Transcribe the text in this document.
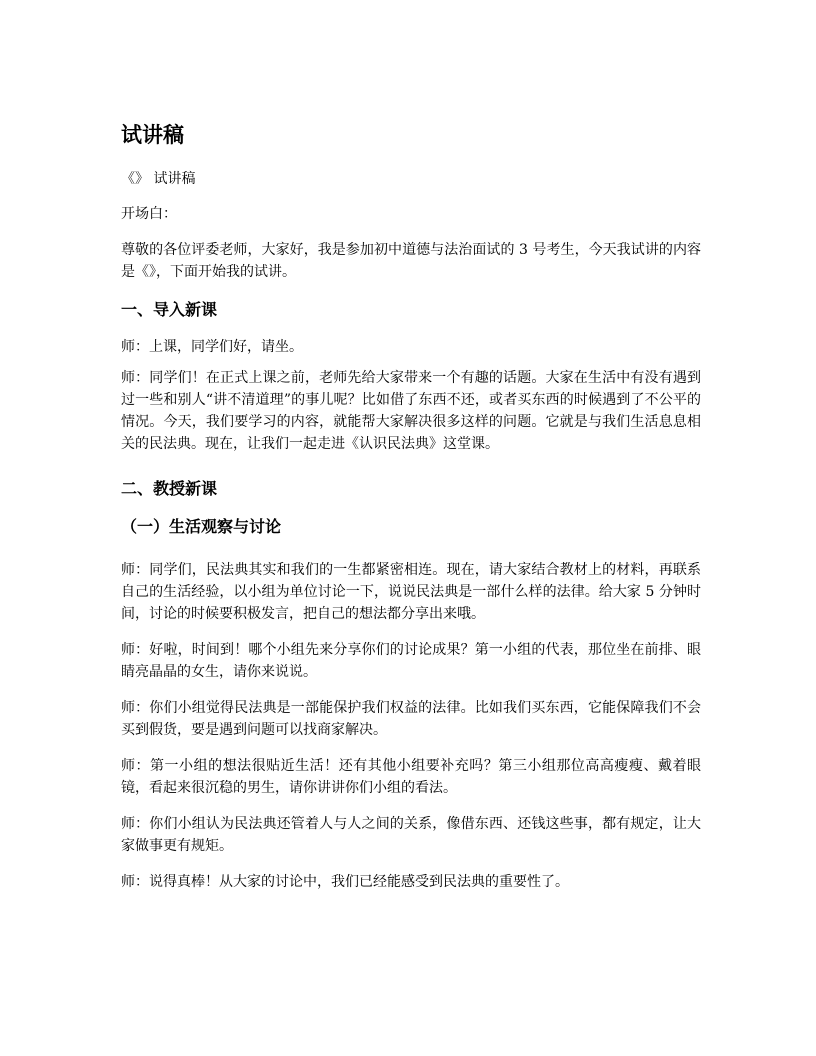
试讲稿

《》 试讲稿

开场白：

尊敬的各位评委老师，大家好，我是参加初中道德与法治面试的 3 号考生，今天我试讲的内容是《》，下面开始我的试讲。

一、导入新课

师：上课，同学们好，请坐。

师：同学们！在正式上课之前，老师先给大家带来一个有趣的话题。大家在生活中有没有遇到过一些和别人“讲不清道理”的事儿呢？比如借了东西不还，或者买东西的时候遇到了不公平的情况。今天，我们要学习的内容，就能帮大家解决很多这样的问题。它就是与我们生活息息相关的民法典。现在，让我们一起走进《认识民法典》这堂课。

二、教授新课
（一）生活观察与讨论

师：同学们，民法典其实和我们的一生都紧密相连。现在，请大家结合教材上的材料，再联系自己的生活经验，以小组为单位讨论一下，说说民法典是一部什么样的法律。给大家 5 分钟时间，讨论的时候要积极发言，把自己的想法都分享出来哦。

师：好啦，时间到！哪个小组先来分享你们的讨论成果？第一小组的代表，那位坐在前排、眼睛亮晶晶的女生，请你来说说。

师：你们小组觉得民法典是一部能保护我们权益的法律。比如我们买东西，它能保障我们不会买到假货，要是遇到问题可以找商家解决。

师：第一小组的想法很贴近生活！还有其他小组要补充吗？第三小组那位高高瘦瘦、戴着眼镜，看起来很沉稳的男生，请你讲讲你们小组的看法。

师：你们小组认为民法典还管着人与人之间的关系，像借东西、还钱这些事，都有规定，让大家做事更有规矩。

师：说得真棒！从大家的讨论中，我们已经能感受到民法典的重要性了。
